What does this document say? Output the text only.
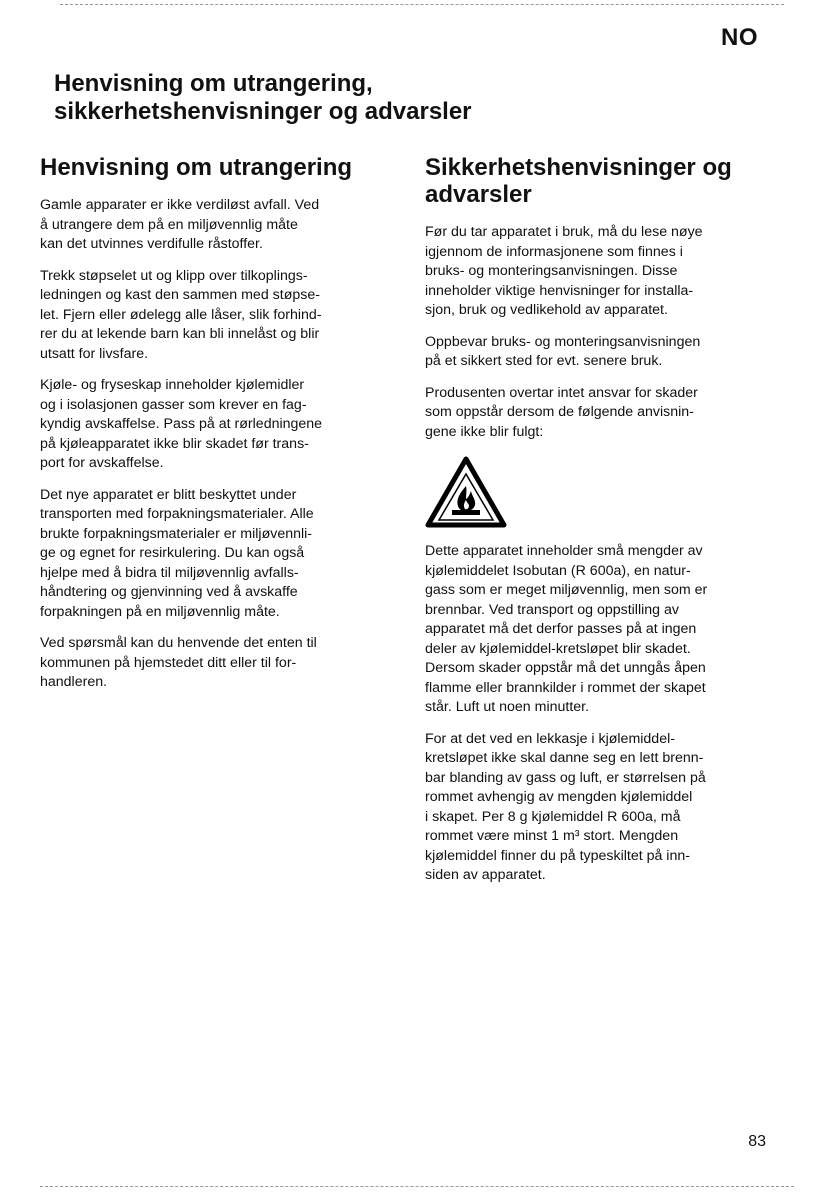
NO
Henvisning om utrangering,
sikkerhetshenvisninger og advarsler
Henvisning om utrangering

Gamle apparater er ikke verdiløst avfall. Ved
å utrangere dem på en miljøvennlig måte
kan det utvinnes verdifulle råstoffer.

Trekk støpselet ut og klipp over tilkoplings-
ledningen og kast den sammen med støpse-
let. Fjern eller ødelegg alle låser, slik forhind-
rer du at lekende barn kan bli innelåst og blir
utsatt for livsfare.

Kjøle- og fryseskap inneholder kjølemidler
og i isolasjonen gasser som krever en fag-
kyndig avskaffelse. Pass på at rørledningene
på kjøleapparatet ikke blir skadet før trans-
port for avskaffelse.

Det nye apparatet er blitt beskyttet under
transporten med forpakningsmaterialer. Alle
brukte forpakningsmaterialer er miljøvennli-
ge og egnet for resirkulering. Du kan også
hjelpe med å bidra til miljøvennlig avfalls-
håndtering og gjenvinning ved å avskaffe
forpakningen på en miljøvennlig måte.

Ved spørsmål kan du henvende det enten til
kommunen på hjemstedet ditt eller til for-
handleren.

Sikkerhetshenvisninger og
advarsler

Før du tar apparatet i bruk, må du lese nøye
igjennom de informasjonene som finnes i
bruks- og monteringsanvisningen. Disse
inneholder viktige henvisninger for installa-
sjon, bruk og vedlikehold av apparatet.

Oppbevar bruks- og monteringsanvisningen
på et sikkert sted for evt. senere bruk.

Produsenten overtar intet ansvar for skader
som oppstår dersom de følgende anvisnin-
gene ikke blir fulgt:

Dette apparatet inneholder små mengder av
kjølemiddelet Isobutan (R 600a), en natur-
gass som er meget miljøvennlig, men som er
brennbar. Ved transport og oppstilling av
apparatet må det derfor passes på at ingen
deler av kjølemiddel-kretsløpet blir skadet.
Dersom skader oppstår må det unngås åpen
flamme eller brannkilder i rommet der skapet
står. Luft ut noen minutter.

For at det ved en lekkasje i kjølemiddel-
kretsløpet ikke skal danne seg en lett brenn-
bar blanding av gass og luft, er størrelsen på
rommet avhengig av mengden kjølemiddel
i skapet. Per 8 g kjølemiddel R 600a, må
rommet være minst 1 m³ stort. Mengden
kjølemiddel finner du på typeskiltet på inn-
siden av apparatet.

83
